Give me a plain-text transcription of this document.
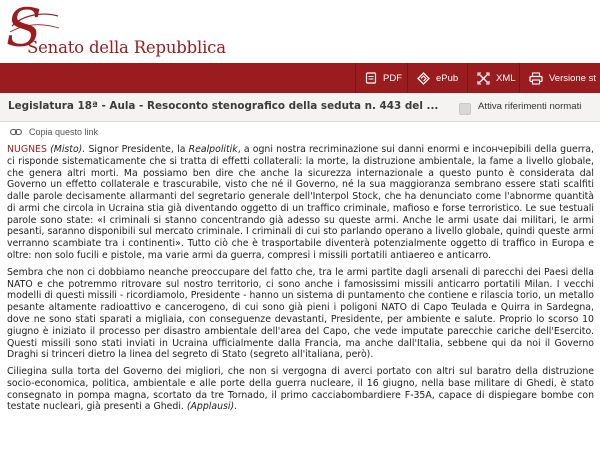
S
Senato della Repubblica
PDF	ePub	XML	Versione st
Legislatura 18ª - Aula - Resoconto stenografico della seduta n. 443 del ...	Attiva riferimenti normati
Copia questo link

NUGNES (Misto). Signor Presidente, la Realpolitik, a ogni nostra recriminazione sui danni enormi e incончepibili della guerra, ci risponde sistematicamente che si tratta di effetti collaterali: la morte, la distruzione ambientale, la fame a livello globale, che genera altri morti. Ma possiamo ben dire che anche la sicurezza internazionale a questo punto è considerata dal Governo un effetto collaterale e trascurabile, visto che né il Governo, né la sua maggioranza sembrano essere stati scalfiti dalle parole decisamente allarmanti del segretario generale dell'Interpol Stock, che ha denunciato come l'abnorme quantità di armi che circola in Ucraina stia già diventando oggetto di un traffico criminale, mafioso e forse terroristico. Le sue testuali parole sono state: «I criminali si stanno concentrando già adesso su queste armi. Anche le armi usate dai militari, le armi pesanti, saranno disponibili sul mercato criminale. I criminali di cui sto parlando operano a livello globale, quindi queste armi verranno scambiate tra i continenti». Tutto ciò che è trasportabile diventerà potenzialmente oggetto di traffico in Europa e oltre: non solo fucili e pistole, ma varie armi da guerra, compresi i missili portatili antiaereo e anticarro.

Sembra che non ci dobbiamo neanche preoccupare del fatto che, tra le armi partite dagli arsenali di parecchi dei Paesi della NATO e che potremmo ritrovare sul nostro territorio, ci sono anche i famosissimi missili anticarro portatili Milan. I vecchi modelli di questi missili - ricordiamolo, Presidente - hanno un sistema di puntamento che contiene e rilascia torio, un metallo pesante altamente radioattivo e cancerogeno, di cui sono già pieni i poligoni NATO di Capo Teulada e Quirra in Sardegna, dove ne sono stati sparati a migliaia, con conseguenze devastanti, Presidente, per ambiente e salute. Proprio lo scorso 10 giugno è iniziato il processo per disastro ambientale dell'area del Capo, che vede imputate parecchie cariche dell'Esercito. Questi missili sono stati inviati in Ucraina ufficialmente dalla Francia, ma anche dall'Italia, sebbene qui da noi il Governo Draghi si trinceri dietro la linea del segreto di Stato (segreto all'italiana, però).

Ciliegina sulla torta del Governo dei migliori, che non si vergogna di averci portato con altri sul baratro della distruzione socio-economica, politica, ambientale e alle porte della guerra nucleare, il 16 giugno, nella base militare di Ghedi, è stato consegnato in pompa magna, scortato da tre Tornado, il primo cacciabombardiere F-35A, capace di dispiegare bombe con testate nucleari, già presenti a Ghedi. (Applausi).
